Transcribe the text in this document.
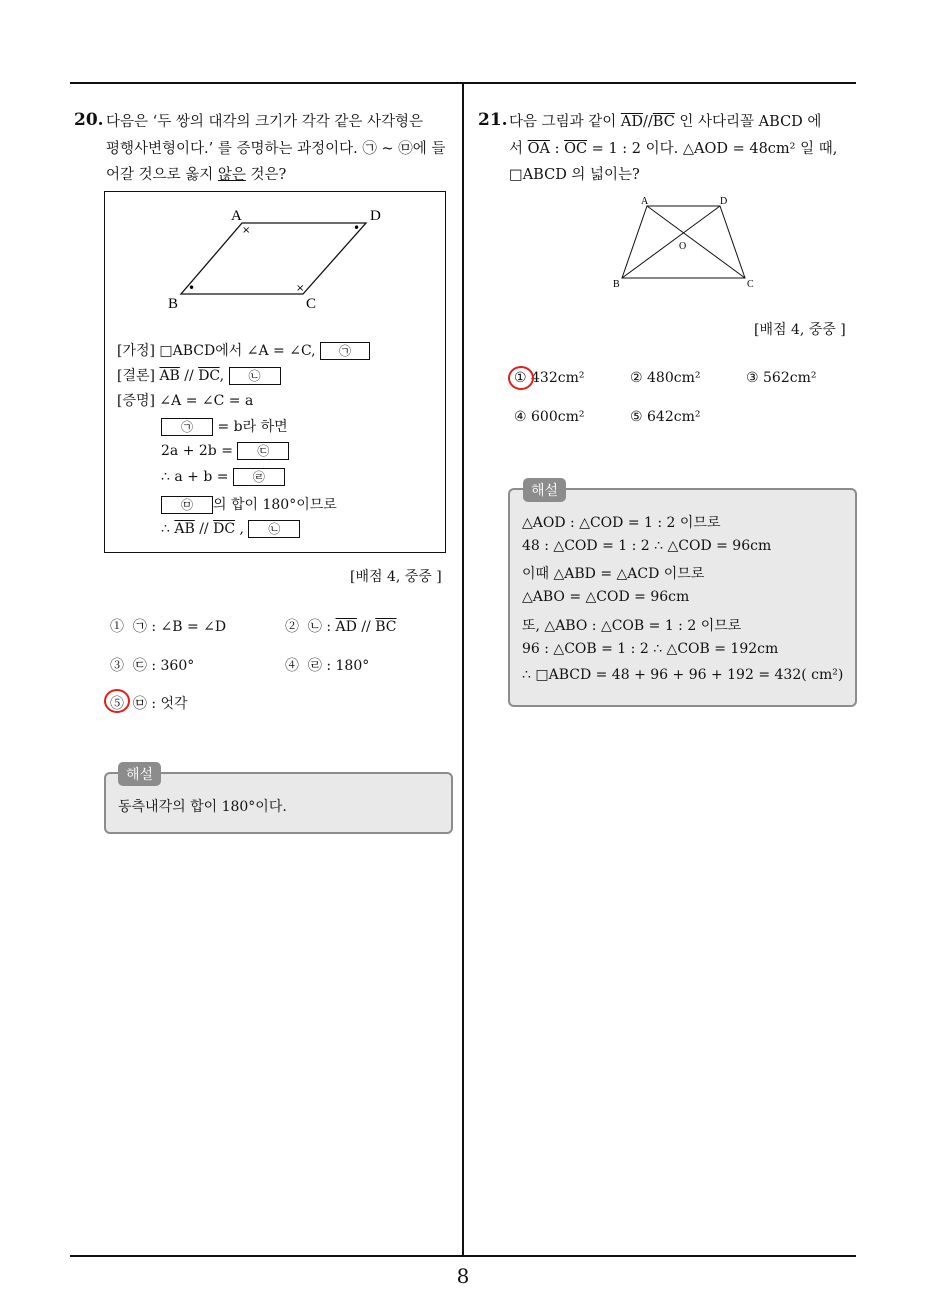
8
20. 다음은 ‘두 쌍의 대각의 크기가 각각 같은 사각형은
평행사변형이다.’ 를 증명하는 과정이다. ㉠ ~ ㉤에 들
어갈 것으로 옳지 않은 것은?
A	D
B	C
×
×
•
•
[가정] □ABCD에서 ∠A = ∠C, ㉠
[결론] $\overline{AB} // \overline{DC}$, ㉡
[증명] ∠A = ∠C = a
㉠ = b라 하면
2a + 2b = ㉢
∴ a + b = ㉣
㉤ 의 합이 180°이므로
∴ $\overline{AB} // \overline{DC}$ , ㉡
[배점 4, 중중 ]
① ㉠ : ∠B = ∠D	② ㉡ : $\overline{AD} // \overline{BC}$
③ ㉢ : 360°	④ ㉣ : 180°
⑤ ㉤ : 엇각
해설
동측내각의 합이 180°이다.
21. 다음 그림과 같이 $\overline{AD}//\overline{BC}$ 인 사다리꼴 ABCD 에
서 $\overline{OA}$ : $\overline{OC} = 1$ : 2 이다. △AOD = 48cm² 일 때,
□ABCD 의 넓이는?
A	D
B	C
O
[배점 4, 중중 ]
① 432cm²	② 480cm²	③ 562cm²
④ 600cm²	⑤ 642cm²
해설
△AOD : △COD = 1 : 2 이므로
48 : △COD = 1 : 2 ∴ △COD = 96cm
이때 △ABD = △ACD 이므로
△ABO = △COD = 96cm
또, △ABO : △COB = 1 : 2 이므로
96 : △COB = 1 : 2 ∴ △COB = 192cm
∴ □ABCD = 48 + 96 + 96 + 192 = 432( cm²)
